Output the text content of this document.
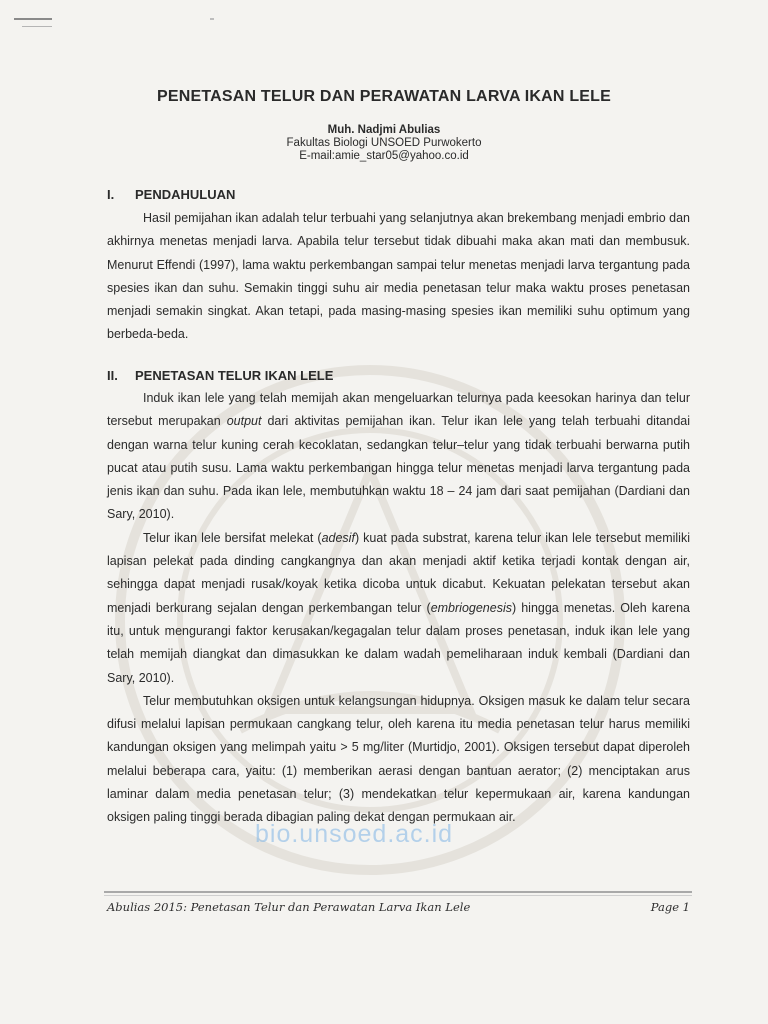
PENETASAN TELUR DAN PERAWATAN LARVA IKAN LELE
Muh. Nadjmi Abulias
Fakultas Biologi UNSOED Purwokerto
E-mail:amie_star05@yahoo.co.id
I. PENDAHULUAN

Hasil pemijahan ikan adalah telur terbuahi yang selanjutnya akan brekembang menjadi embrio dan akhirnya menetas menjadi larva. Apabila telur tersebut tidak dibuahi maka akan mati dan membusuk. Menurut Effendi (1997), lama waktu perkembangan sampai telur menetas menjadi larva tergantung pada spesies ikan dan suhu. Semakin tinggi suhu air media penetasan telur maka waktu proses penetasan menjadi semakin singkat. Akan tetapi, pada masing-masing spesies ikan memiliki suhu optimum yang berbeda-beda.

II. PENETASAN TELUR IKAN LELE

Induk ikan lele yang telah memijah akan mengeluarkan telurnya pada keesokan harinya dan telur tersebut merupakan output dari aktivitas pemijahan ikan. Telur ikan lele yang telah terbuahi ditandai dengan warna telur kuning cerah kecoklatan, sedangkan telur–telur yang tidak terbuahi berwarna putih pucat atau putih susu. Lama waktu perkembangan hingga telur menetas menjadi larva tergantung pada jenis ikan dan suhu. Pada ikan lele, membutuhkan waktu 18 – 24 jam dari saat pemijahan (Dardiani dan Sary, 2010).

Telur ikan lele bersifat melekat (adesif) kuat pada substrat, karena telur ikan lele tersebut memiliki lapisan pelekat pada dinding cangkangnya dan akan menjadi aktif ketika terjadi kontak dengan air, sehingga dapat menjadi rusak/koyak ketika dicoba untuk dicabut. Kekuatan pelekatan tersebut akan menjadi berkurang sejalan dengan perkembangan telur (embriogenesis) hingga menetas. Oleh karena itu, untuk mengurangi faktor kerusakan/kegagalan telur dalam proses penetasan, induk ikan lele yang telah memijah diangkat dan dimasukkan ke dalam wadah pemeliharaan induk kembali (Dardiani dan Sary, 2010).

Telur membutuhkan oksigen untuk kelangsungan hidupnya. Oksigen masuk ke dalam telur secara difusi melalui lapisan permukaan cangkang telur, oleh karena itu media penetasan telur harus memiliki kandungan oksigen yang melimpah yaitu > 5 mg/liter (Murtidjo, 2001). Oksigen tersebut dapat diperoleh melalui beberapa cara, yaitu: (1) memberikan aerasi dengan bantuan aerator; (2) menciptakan arus laminar dalam media penetasan telur; (3) mendekatkan telur kepermukaan air, karena kandungan oksigen paling tinggi berada dibagian paling dekat dengan permukaan air.

bio.unsoed.ac.id
Abulias 2015: Penetasan Telur dan Perawatan Larva Ikan Lele	Page 1
